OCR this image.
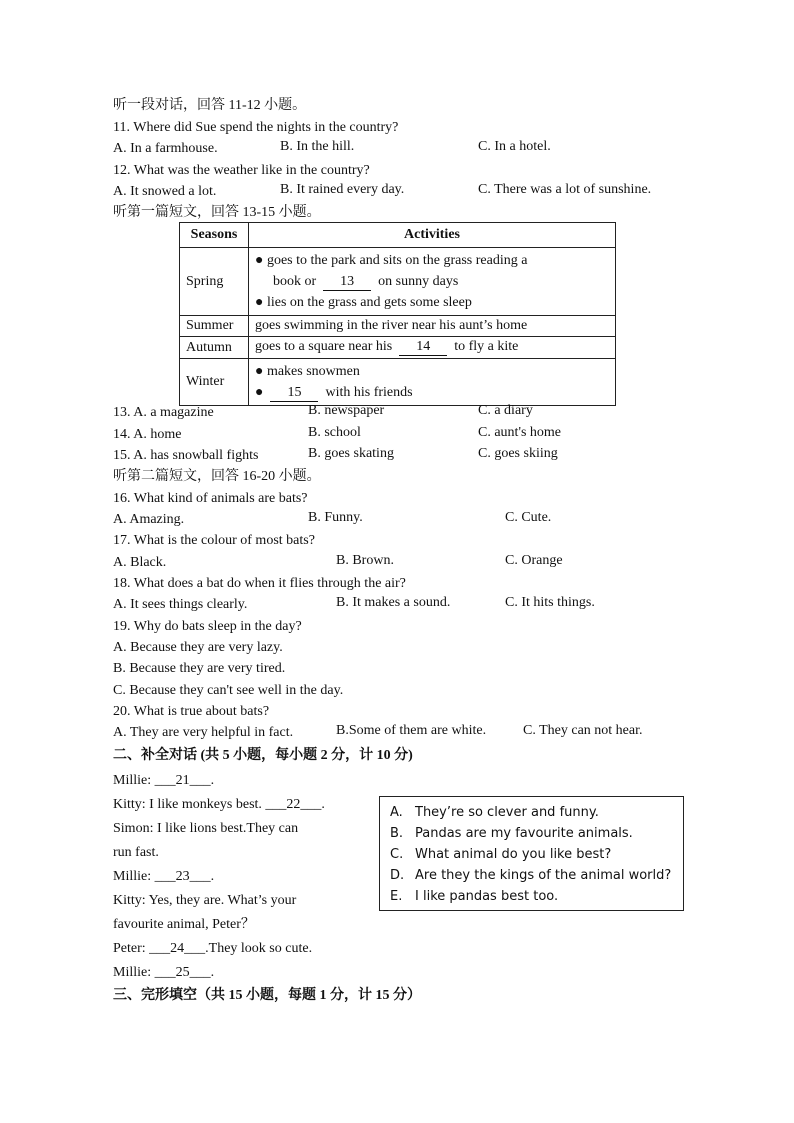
听一段对话，回答 11-12 小题。
11. Where did Sue spend the nights in the country?
A. In a farmhouse.	B. In the hill.	C. In a hotel.
12. What was the weather like in the country?
A. It snowed a lot.	B. It rained every day.	C. There was a lot of sunshine.
听第一篇短文，回答 13-15 小题。
Seasons	Activities
Spring	● goes to the park and sits on the grass reading a
book or 13 on sunny days
● lies on the grass and gets some sleep

Summer	goes swimming in the river near his aunt’s home
Autumn	goes to a square near his 14 to fly a kite
Winter	● makes snowmen
● 15 with his friends
13. A. a magazine	B. newspaper	C. a diary
14. A. home	B. school	C. aunt's home
15. A. has snowball fights	B. goes skating	C. goes skiing
听第二篇短文，回答 16-20 小题。
16. What kind of animals are bats?
A. Amazing.	B. Funny.	C. Cute.
17. What is the colour of most bats?
A. Black.	B. Brown.	C. Orange
18. What does a bat do when it flies through the air?
A. It sees things clearly.	B. It makes a sound.	C. It hits things.
19. Why do bats sleep in the day?
A. Because they are very lazy.
B. Because they are very tired.
C. Because they can't see well in the day.
20. What is true about bats?
A. They are very helpful in fact.	B.Some of them are white.	C. They can not hear.
二、补全对话 (共 5 小题，每小题 2 分，计 10 分)
Millie: ___21___.
Kitty: I like monkeys best. ___22___.
Simon: I like lions best.They can
run fast.
Millie: ___23___.
Kitty: Yes, they are. What’s your
favourite animal, Peter？
Peter: ___24___.They look so cute.
Millie: ___25___.
A. They’re so clever and funny.
B. Pandas are my favourite animals.
C. What animal do you like best?
D. Are they the kings of the animal world?
E. I like pandas best too.
三、完形填空（共 15 小题，每题 1 分，计 15 分）
